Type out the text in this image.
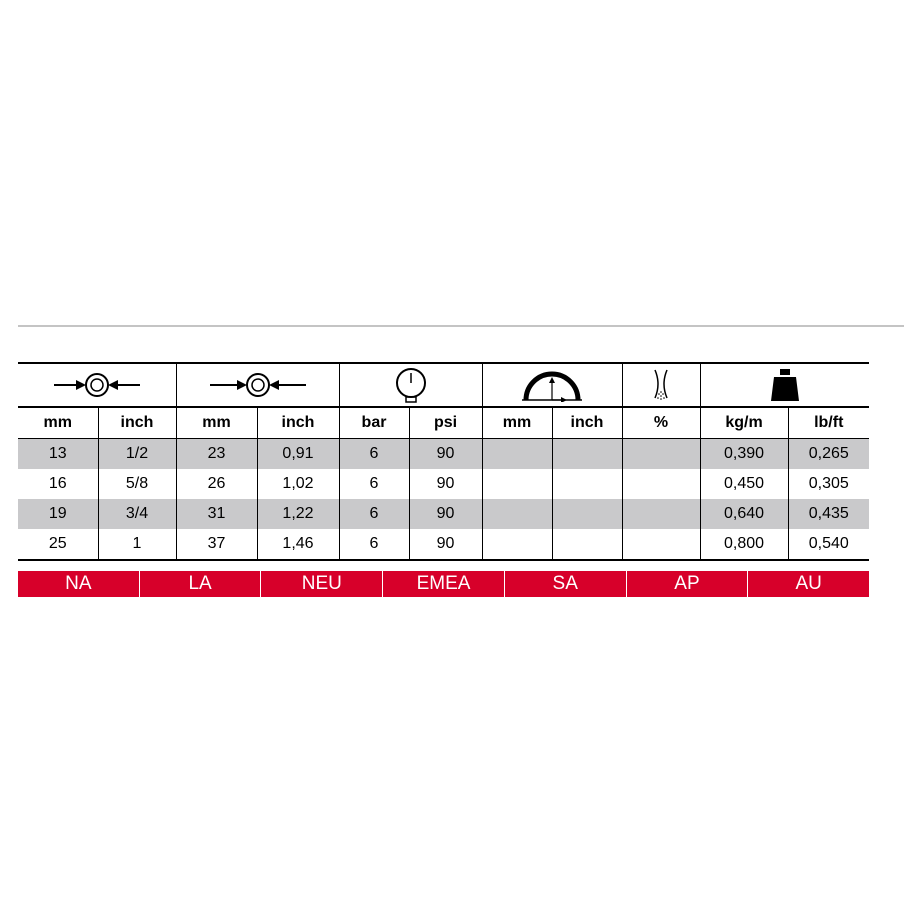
mm	inch	mm	inch	bar	psi	mm	inch	%	kg/m	lb/ft
13	1/2	23	0,91	6	90				0,390	0,265
16	5/8	26	1,02	6	90				0,450	0,305
19	3/4	31	1,22	6	90				0,640	0,435
25	1	37	1,46	6	90				0,800	0,540
NA	LA	NEU	EMEA	SA	AP	AU
